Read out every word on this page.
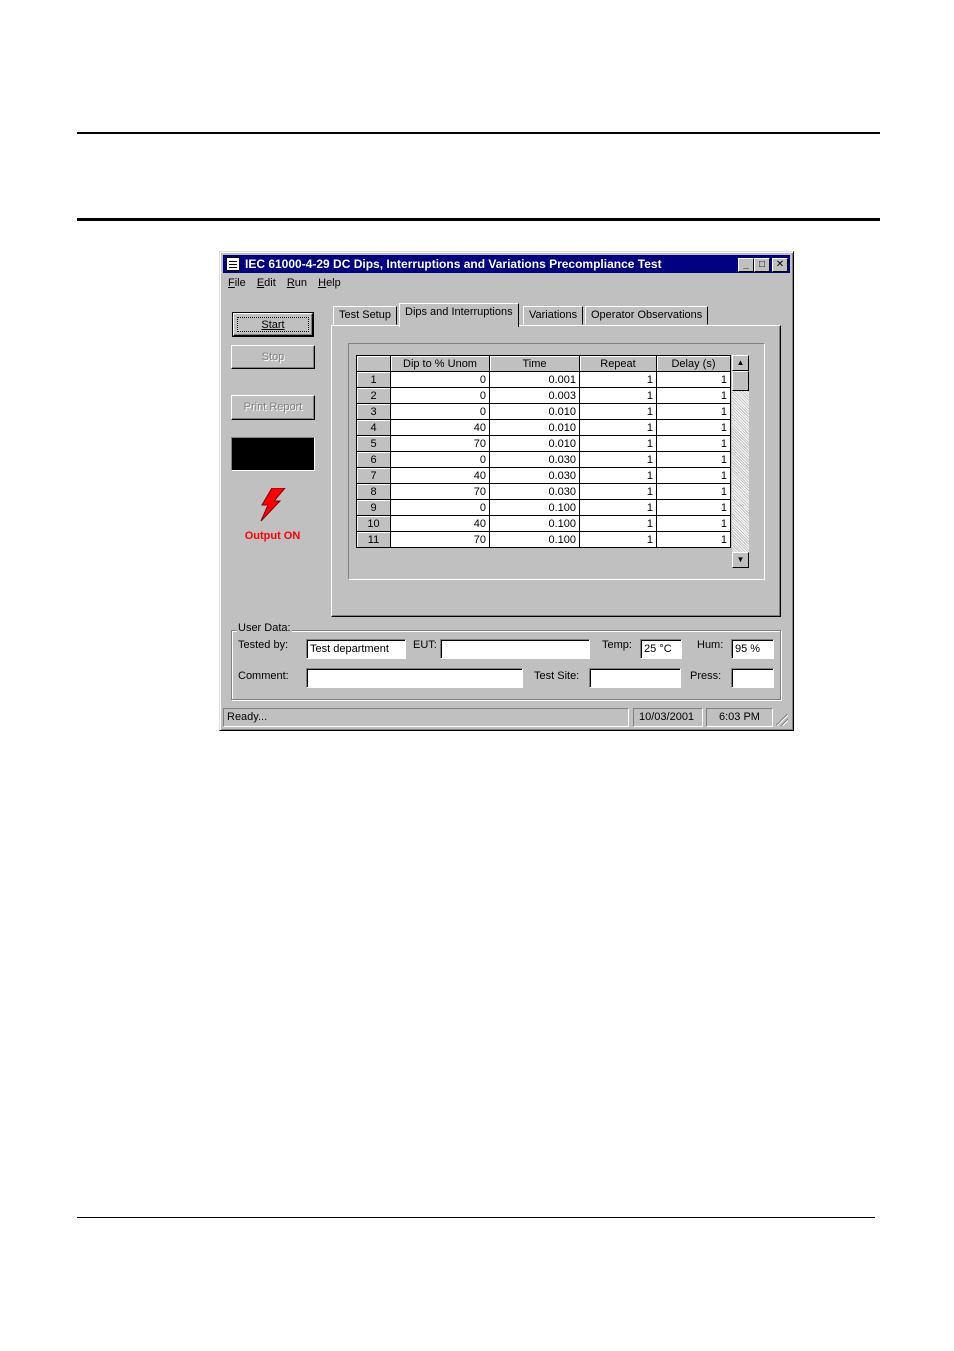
IEC 61000-4-29 DC Dips, Interruptions and Variations Precompliance Test	_	□	✕
File Edit Run Help
Start
Stop
Print Report
Output ON
Test Setup	Dips and Interruptions	Variations	Operator Observations
	Dip to % Unom	Time	Repeat	Delay (s)
1	0	0.001	1	1
2	0	0.003	1	1
3	0	0.010	1	1
4	40	0.010	1	1
5	70	0.010	1	1
6	0	0.030	1	1
7	40	0.030	1	1
8	70	0.030	1	1
9	0	0.100	1	1
10	40	0.100	1	1
11	70	0.100	1	1
▲
▼
User Data:
Tested by:	Test department	EUT:	Temp:	25 °C	Hum:	95 %
Comment:	Test Site:	Press:
Ready...	10/03/2001	6:03 PM
